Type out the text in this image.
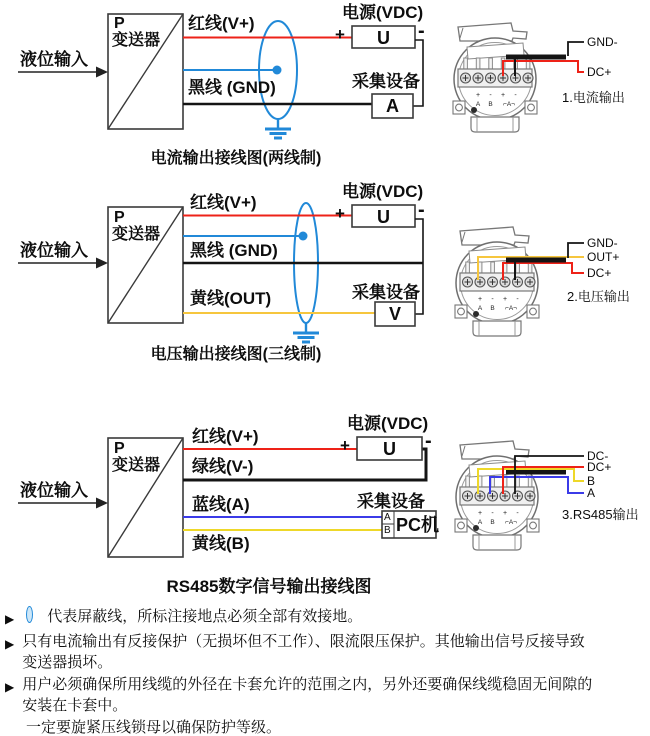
+	-	+	-
A	B	⌐A¬
液位输入
P
变送器
红线(V+)
黑线 (GND)
电源(VDC)
+	U	-
采集设备
A
GND-
DC+
1.电流输出
电流输出接线图(两线制)
液位输入
P
变送器
红线(V+)
黑线 (GND)
黄线(OUT)
电源(VDC)
+	U	-
采集设备
V
GND-
OUT+
DC+
2.电压输出
电压输出接线图(三线制)
液位输入
P
变送器
红线(V+)
绿线(V-)
蓝线(A)
黄线(B)
电源(VDC)
+	U	-
采集设备
A
B PC机
DC-
DC+
B
A
3.RS485输出
RS485数字信号输出接线图
▶	代表屏蔽线，所标注接地点必须全部有效接地。
▶ 只有电流输出有反接保护（无损坏但不工作）、限流限压保护。其他输出信号反接导致
变送器损坏。
▶ 用户必须确保所用线缆的外径在卡套允许的范围之内，另外还要确保线缆稳固无间隙的
安装在卡套中。
一定要旋紧压线锁母以确保防护等级。
